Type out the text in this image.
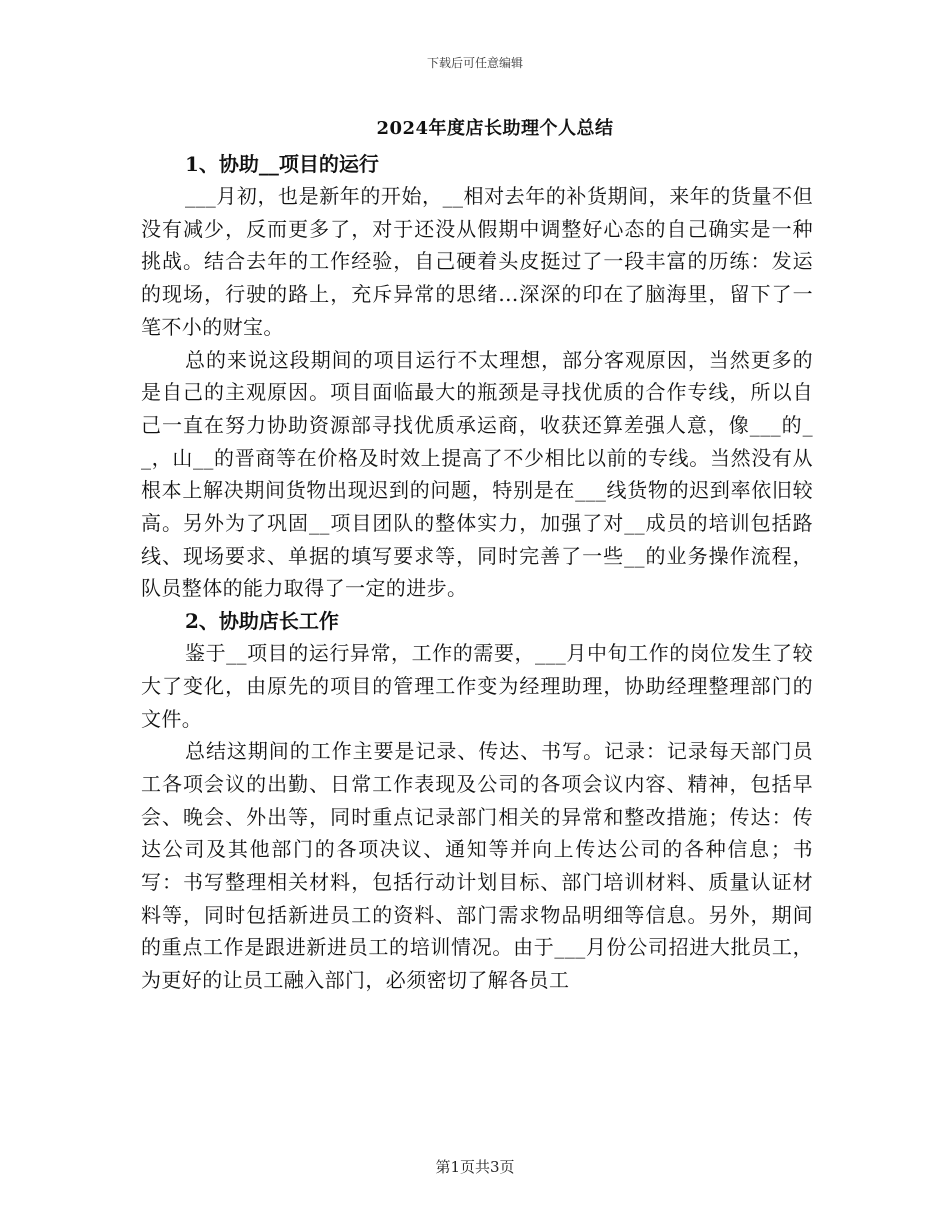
下载后可任意编辑
2024年度店长助理个人总结
1、协助__项目的运行

___月初，也是新年的开始，__相对去年的补货期间，来年的货量不但没有减少，反而更多了，对于还没从假期中调整好心态的自己确实是一种挑战。结合去年的工作经验，自己硬着头皮挺过了一段丰富的历练：发运的现场，行驶的路上，充斥异常的思绪...深深的印在了脑海里，留下了一笔不小的财宝。

总的来说这段期间的项目运行不太理想，部分客观原因，当然更多的是自己的主观原因。项目面临最大的瓶颈是寻找优质的合作专线，所以自己一直在努力协助资源部寻找优质承运商，收获还算差强人意，像___的__，山__的晋商等在价格及时效上提高了不少相比以前的专线。当然没有从根本上解决期间货物出现迟到的问题，特别是在___线货物的迟到率依旧较高。另外为了巩固__项目团队的整体实力，加强了对__成员的培训包括路线、现场要求、单据的填写要求等，同时完善了一些__的业务操作流程，队员整体的能力取得了一定的进步。

2、协助店长工作

鉴于__项目的运行异常，工作的需要，___月中旬工作的岗位发生了较大了变化，由原先的项目的管理工作变为经理助理，协助经理整理部门的文件。

总结这期间的工作主要是记录、传达、书写。记录：记录每天部门员工各项会议的出勤、日常工作表现及公司的各项会议内容、精神，包括早会、晚会、外出等，同时重点记录部门相关的异常和整改措施；传达：传达公司及其他部门的各项决议、通知等并向上传达公司的各种信息；书写：书写整理相关材料，包括行动计划目标、部门培训材料、质量认证材料等，同时包括新进员工的资料、部门需求物品明细等信息。另外，期间的重点工作是跟进新进员工的培训情况。由于___月份公司招进大批员工，为更好的让员工融入部门，必须密切了解各员工

第1页共3页
